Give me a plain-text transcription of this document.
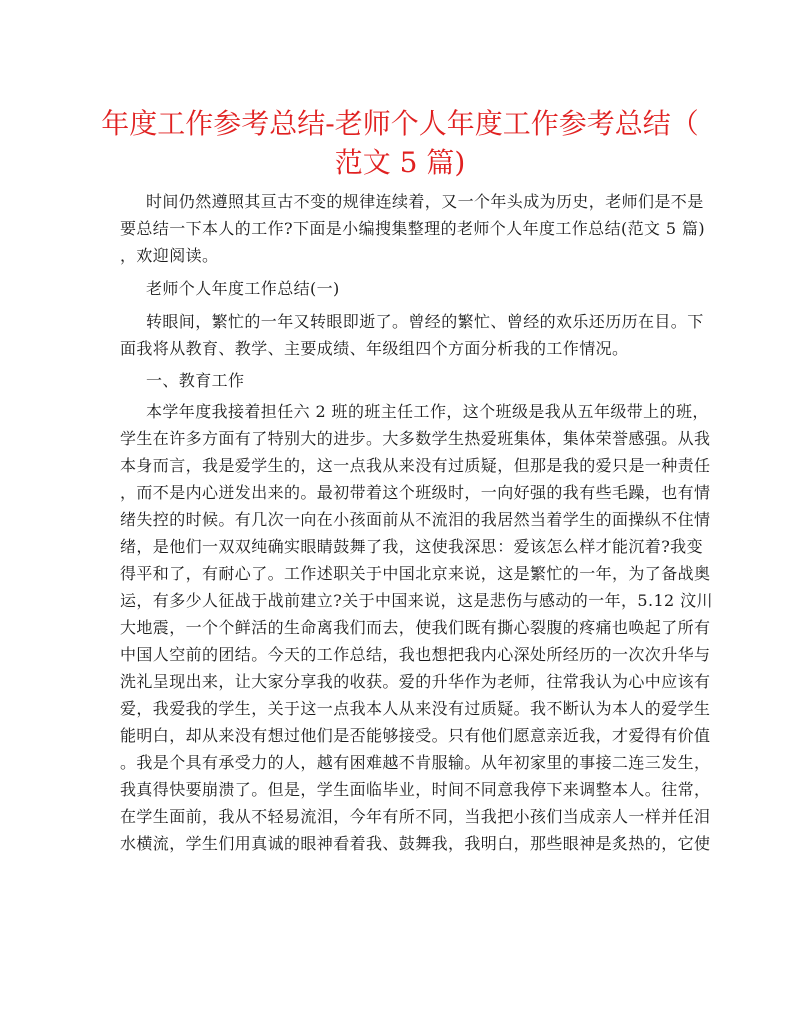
年度工作参考总结-老师个人年度工作参考总结（
范文 5 篇)
时间仍然遵照其亘古不变的规律连续着，又一个年头成为历史，老师们是不是
要总结一下本人的工作?下面是小编搜集整理的老师个人年度工作总结(范文 5 篇)
，欢迎阅读。
老师个人年度工作总结(一)
转眼间，繁忙的一年又转眼即逝了。曾经的繁忙、曾经的欢乐还历历在目。下
面我将从教育、教学、主要成绩、年级组四个方面分析我的工作情况。
一、教育工作
本学年度我接着担任六 2 班的班主任工作，这个班级是我从五年级带上的班，
学生在许多方面有了特别大的进步。大多数学生热爱班集体，集体荣誉感强。从我
本身而言，我是爱学生的，这一点我从来没有过质疑，但那是我的爱只是一种责任
，而不是内心迸发出来的。最初带着这个班级时，一向好强的我有些毛躁，也有情
绪失控的时候。有几次一向在小孩面前从不流泪的我居然当着学生的面操纵不住情
绪，是他们一双双纯确实眼睛鼓舞了我，这使我深思：爱该怎么样才能沉着?我变
得平和了，有耐心了。工作述职关于中国北京来说，这是繁忙的一年，为了备战奥
运，有多少人征战于战前建立?关于中国来说，这是悲伤与感动的一年，5.12 汶川
大地震，一个个鲜活的生命离我们而去，使我们既有撕心裂腹的疼痛也唤起了所有
中国人空前的团结。今天的工作总结，我也想把我内心深处所经历的一次次升华与
洗礼呈现出来，让大家分享我的收获。爱的升华作为老师，往常我认为心中应该有
爱，我爱我的学生，关于这一点我本人从来没有过质疑。我不断认为本人的爱学生
能明白，却从来没有想过他们是否能够接受。只有他们愿意亲近我，才爱得有价值
。我是个具有承受力的人，越有困难越不肯服输。从年初家里的事接二连三发生，
我真得快要崩溃了。但是，学生面临毕业，时间不同意我停下来调整本人。往常，
在学生面前，我从不轻易流泪，今年有所不同，当我把小孩们当成亲人一样并任泪
水横流，学生们用真诚的眼神看着我、鼓舞我，我明白，那些眼神是炙热的，它使
